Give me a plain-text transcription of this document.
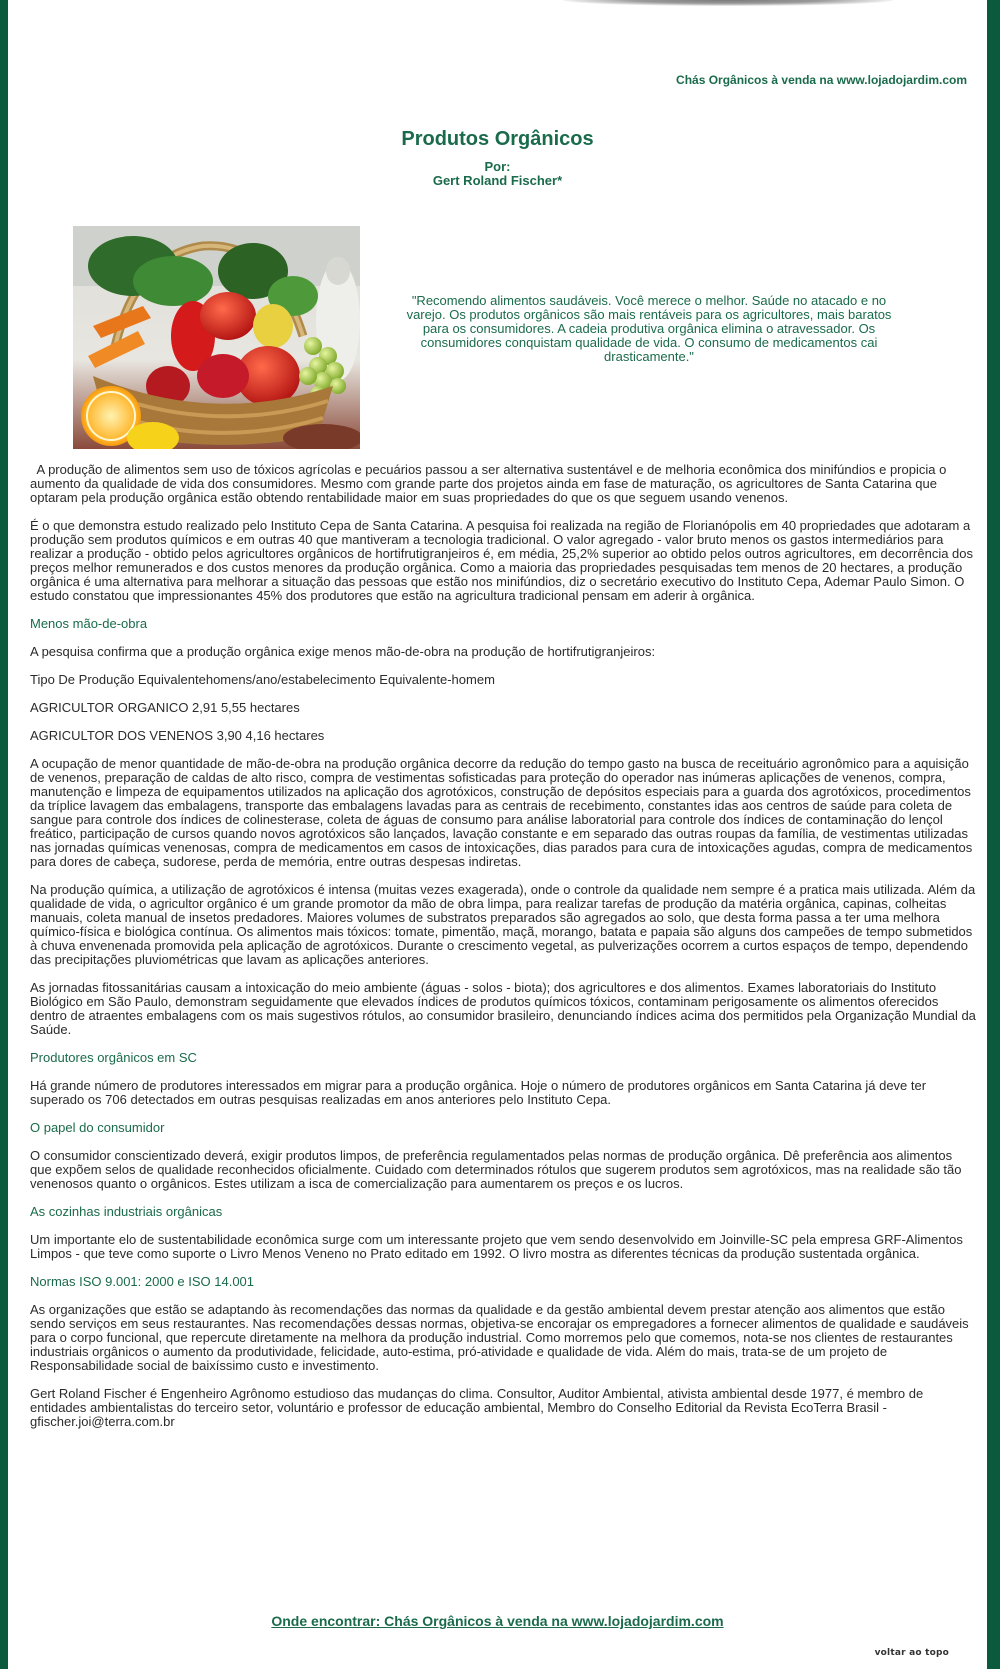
Chás Orgânicos à venda na www.lojadojardim.com
Produtos Orgânicos
Por:
Gert Roland Fischer*
"Recomendo alimentos saudáveis. Você merece o melhor. Saúde no atacado e no varejo. Os produtos orgânicos são mais rentáveis para os agricultores, mais baratos para os consumidores. A cadeia produtiva orgânica elimina o atravessador. Os consumidores conquistam qualidade de vida. O consumo de medicamentos cai drasticamente."

A produção de alimentos sem uso de tóxicos agrícolas e pecuários passou a ser alternativa sustentável e de melhoria econômica dos minifúndios e propicia o aumento da qualidade de vida dos consumidores. Mesmo com grande parte dos projetos ainda em fase de maturação, os agricultores de Santa Catarina que optaram pela produção orgânica estão obtendo rentabilidade maior em suas propriedades do que os que seguem usando venenos.

É o que demonstra estudo realizado pelo Instituto Cepa de Santa Catarina. A pesquisa foi realizada na região de Florianópolis em 40 propriedades que adotaram a produção sem produtos químicos e em outras 40 que mantiveram a tecnologia tradicional. O valor agregado - valor bruto menos os gastos intermediários para realizar a produção - obtido pelos agricultores orgânicos de hortifrutigranjeiros é, em média, 25,2% superior ao obtido pelos outros agricultores, em decorrência dos preços melhor remunerados e dos custos menores da produção orgânica. Como a maioria das propriedades pesquisadas tem menos de 20 hectares, a produção orgânica é uma alternativa para melhorar a situação das pessoas que estão nos minifúndios, diz o secretário executivo do Instituto Cepa, Ademar Paulo Simon. O estudo constatou que impressionantes 45% dos produtores que estão na agricultura tradicional pensam em aderir à orgânica.

Menos mão-de-obra

A pesquisa confirma que a produção orgânica exige menos mão-de-obra na produção de hortifrutigranjeiros:

Tipo De Produção Equivalentehomens/ano/estabelecimento Equivalente-homem

AGRICULTOR ORGANICO 2,91 5,55 hectares

AGRICULTOR DOS VENENOS 3,90 4,16 hectares

A ocupação de menor quantidade de mão-de-obra na produção orgânica decorre da redução do tempo gasto na busca de receituário agronômico para a aquisição de venenos, preparação de caldas de alto risco, compra de vestimentas sofisticadas para proteção do operador nas inúmeras aplicações de venenos, compra, manutenção e limpeza de equipamentos utilizados na aplicação dos agrotóxicos, construção de depósitos especiais para a guarda dos agrotóxicos, procedimentos da tríplice lavagem das embalagens, transporte das embalagens lavadas para as centrais de recebimento, constantes idas aos centros de saúde para coleta de sangue para controle dos índices de colinesterase, coleta de águas de consumo para análise laboratorial para controle dos índices de contaminação do lençol freático, participação de cursos quando novos agrotóxicos são lançados, lavação constante e em separado das outras roupas da família, de vestimentas utilizadas nas jornadas químicas venenosas, compra de medicamentos em casos de intoxicações, dias parados para cura de intoxicações agudas, compra de medicamentos para dores de cabeça, sudorese, perda de memória, entre outras despesas indiretas.

Na produção química, a utilização de agrotóxicos é intensa (muitas vezes exagerada), onde o controle da qualidade nem sempre é a pratica mais utilizada. Além da qualidade de vida, o agricultor orgânico é um grande promotor da mão de obra limpa, para realizar tarefas de produção da matéria orgânica, capinas, colheitas manuais, coleta manual de insetos predadores. Maiores volumes de substratos preparados são agregados ao solo, que desta forma passa a ter uma melhora químico-física e biológica contínua. Os alimentos mais tóxicos: tomate, pimentão, maçã, morango, batata e papaia são alguns dos campeões de tempo submetidos à chuva envenenada promovida pela aplicação de agrotóxicos. Durante o crescimento vegetal, as pulverizações ocorrem a curtos espaços de tempo, dependendo das precipitações pluviométricas que lavam as aplicações anteriores.

As jornadas fitossanitárias causam a intoxicação do meio ambiente (águas - solos - biota); dos agricultores e dos alimentos. Exames laboratoriais do Instituto Biológico em São Paulo, demonstram seguidamente que elevados índices de produtos químicos tóxicos, contaminam perigosamente os alimentos oferecidos dentro de atraentes embalagens com os mais sugestivos rótulos, ao consumidor brasileiro, denunciando índices acima dos permitidos pela Organização Mundial da Saúde.

Produtores orgânicos em SC

Há grande número de produtores interessados em migrar para a produção orgânica. Hoje o número de produtores orgânicos em Santa Catarina já deve ter superado os 706 detectados em outras pesquisas realizadas em anos anteriores pelo Instituto Cepa.

O papel do consumidor

O consumidor conscientizado deverá, exigir produtos limpos, de preferência regulamentados pelas normas de produção orgânica. Dê preferência aos alimentos que expõem selos de qualidade reconhecidos oficialmente. Cuidado com determinados rótulos que sugerem produtos sem agrotóxicos, mas na realidade são tão venenosos quanto o orgânicos. Estes utilizam a isca de comercialização para aumentarem os preços e os lucros.

As cozinhas industriais orgânicas

Um importante elo de sustentabilidade econômica surge com um interessante projeto que vem sendo desenvolvido em Joinville-SC pela empresa GRF-Alimentos Limpos - que teve como suporte o Livro Menos Veneno no Prato editado em 1992. O livro mostra as diferentes técnicas da produção sustentada orgânica.

Normas ISO 9.001: 2000 e ISO 14.001

As organizações que estão se adaptando às recomendações das normas da qualidade e da gestão ambiental devem prestar atenção aos alimentos que estão sendo serviços em seus restaurantes. Nas recomendações dessas normas, objetiva-se encorajar os empregadores a fornecer alimentos de qualidade e saudáveis para o corpo funcional, que repercute diretamente na melhora da produção industrial. Como morremos pelo que comemos, nota-se nos clientes de restaurantes industriais orgânicos o aumento da produtividade, felicidade, auto-estima, pró-atividade e qualidade de vida. Além do mais, trata-se de um projeto de Responsabilidade social de baixíssimo custo e investimento.

Gert Roland Fischer é Engenheiro Agrônomo estudioso das mudanças do clima. Consultor, Auditor Ambiental, ativista ambiental desde 1977, é membro de entidades ambientalistas do terceiro setor, voluntário e professor de educação ambiental, Membro do Conselho Editorial da Revista EcoTerra Brasil - gfischer.joi@terra.com.br

Onde encontrar: Chás Orgânicos à venda na www.lojadojardim.com
voltar ao topo
